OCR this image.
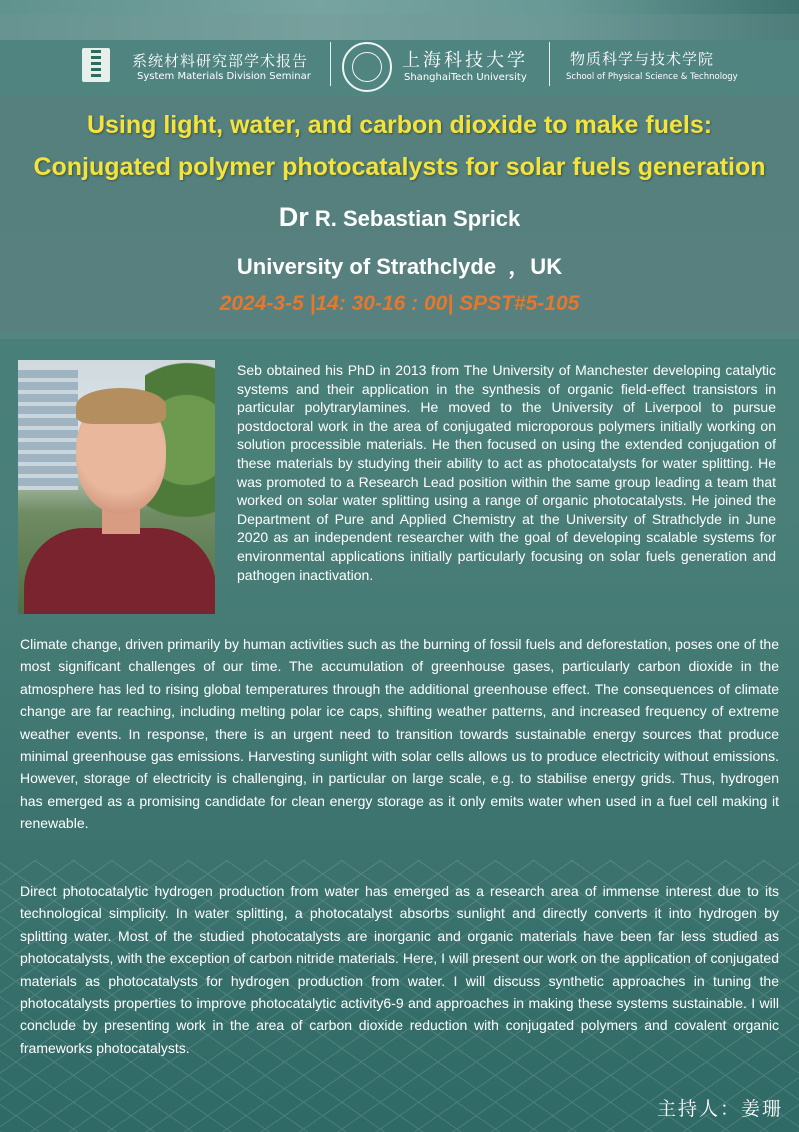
系统材料研究部学术报告
System Materials Division Seminar
上海科技大学
ShanghaiTech University
物质科学与技术学院
School of Physical Science & Technology
Using light, water, and carbon dioxide to make fuels:
Conjugated polymer photocatalysts for solar fuels generation
Dr R. Sebastian Sprick
University of Strathclyde  ，UK
2024-3-5 |14: 30-16 : 00| SPST#5-105

Seb obtained his PhD in 2013 from The University of Manchester developing catalytic systems and their application in the synthesis of organic field-effect transistors in particular polytrarylamines. He moved to the University of Liverpool to pursue postdoctoral work in the area of conjugated microporous polymers initially working on solution processible materials. He then focused on using the extended conjugation of these materials by studying their ability to act as photocatalysts for water splitting. He was promoted to a Research Lead position within the same group leading a team that worked on solar water splitting using a range of organic photocatalysts. He joined the Department of Pure and Applied Chemistry at the University of Strathclyde in June 2020 as an independent researcher with the goal of developing scalable systems for environmental applications initially particularly focusing on solar fuels generation and pathogen inactivation.

Climate change, driven primarily by human activities such as the burning of fossil fuels and deforestation, poses one of the most significant challenges of our time. The accumulation of greenhouse gases, particularly carbon dioxide in the atmosphere has led to rising global temperatures through the additional greenhouse effect. The consequences of climate change are far reaching, including melting polar ice caps, shifting weather patterns, and increased frequency of extreme weather events. In response, there is an urgent need to transition towards sustainable energy sources that produce minimal greenhouse gas emissions. Harvesting sunlight with solar cells allows us to produce electricity without emissions. However, storage of electricity is challenging, in particular on large scale, e.g. to stabilise energy grids. Thus, hydrogen has emerged as a promising candidate for clean energy storage as it only emits water when used in a fuel cell making it renewable.

Direct photocatalytic hydrogen production from water has emerged as a research area of immense interest due to its technological simplicity. In water splitting, a photocatalyst absorbs sunlight and directly converts it into hydrogen by splitting water. Most of the studied photocatalysts are inorganic and organic materials have been far less studied as photocatalysts, with the exception of carbon nitride materials. Here, I will present our work on the application of conjugated materials as photocatalysts for hydrogen production from water. I will discuss synthetic approaches in tuning the photocatalysts properties to improve photocatalytic activity6-9 and approaches in making these systems sustainable. I will conclude by presenting work in the area of carbon dioxide reduction with conjugated polymers and covalent organic frameworks photocatalysts.

主持人：姜珊
